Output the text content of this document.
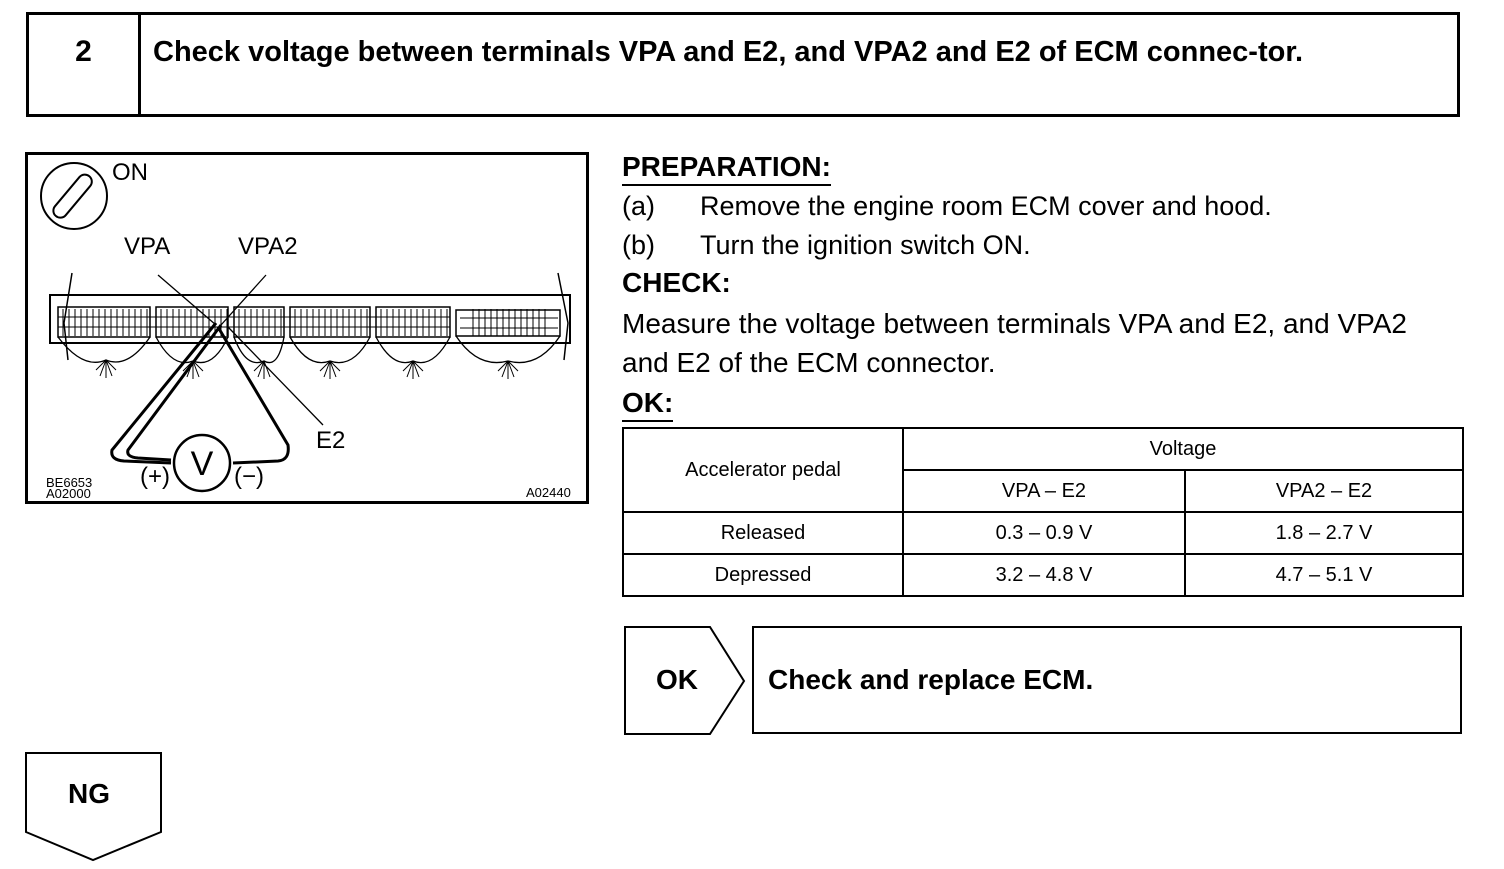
2	Check voltage between terminals VPA and E2, and VPA2 and E2 of ECM connec-tor.
V
ON
VPA	VPA2
E2
(+)	(−)
BE6653
A02000	A02440
PREPARATION:
(a) Remove the engine room ECM cover and hood.
(b) Turn the ignition switch ON.
CHECK:
Measure the voltage between terminals VPA and E2, and VPA2
and E2 of the ECM connector.
OK:
Accelerator pedal	Voltage	
	VPA – E2	VPA2 – E2
Released	0.3 – 0.9 V	1.8 – 2.7 V
Depressed	3.2 – 4.8 V	4.7 – 5.1 V
OK	Check and replace ECM.
NG
